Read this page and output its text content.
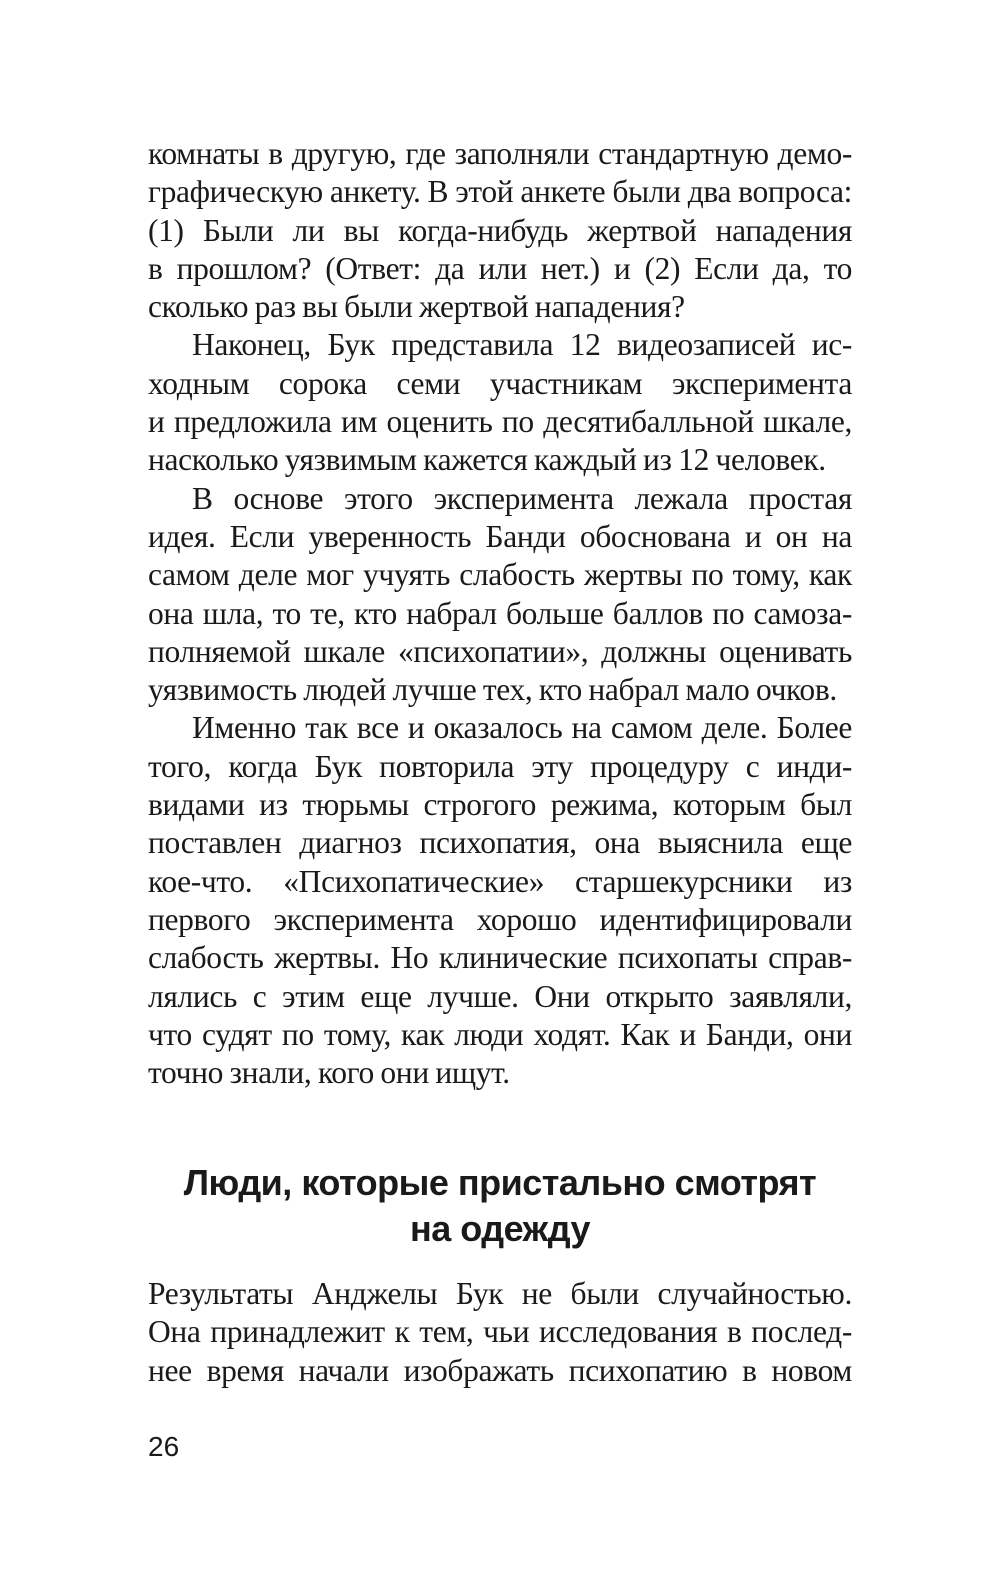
комнаты в другую, где заполняли стандартную демо-
графическую анкету. В этой анкете были два вопроса:
(1) Были ли вы когда-нибудь жертвой нападения
в прошлом? (Ответ: да или нет.) и (2) Если да, то
сколько раз вы были жертвой нападения?
Наконец, Бук представила 12 видеозаписей ис-
ходным сорока семи участникам эксперимента
и предложила им оценить по десятибалльной шкале,
насколько уязвимым кажется каждый из 12 человек.
В основе этого эксперимента лежала простая
идея. Если уверенность Банди обоснована и он на
самом деле мог учуять слабость жертвы по тому, как
она шла, то те, кто набрал больше баллов по самоза-
полняемой шкале «психопатии», должны оценивать
уязвимость людей лучше тех, кто набрал мало очков.
Именно так все и оказалось на самом деле. Более
того, когда Бук повторила эту процедуру с инди-
видами из тюрьмы строгого режима, которым был
поставлен диагноз психопатия, она выяснила еще
кое-что. «Психопатические» старшекурсники из
первого эксперимента хорошо идентифицировали
слабость жертвы. Но клинические психопаты справ-
лялись с этим еще лучше. Они открыто заявляли,
что судят по тому, как люди ходят. Как и Банди, они
точно знали, кого они ищут.
Люди, которые пристально смотрят
на одежду
Результаты Анджелы Бук не были случайностью.
Она принадлежит к тем, чьи исследования в послед-
нее время начали изображать психопатию в новом
26
